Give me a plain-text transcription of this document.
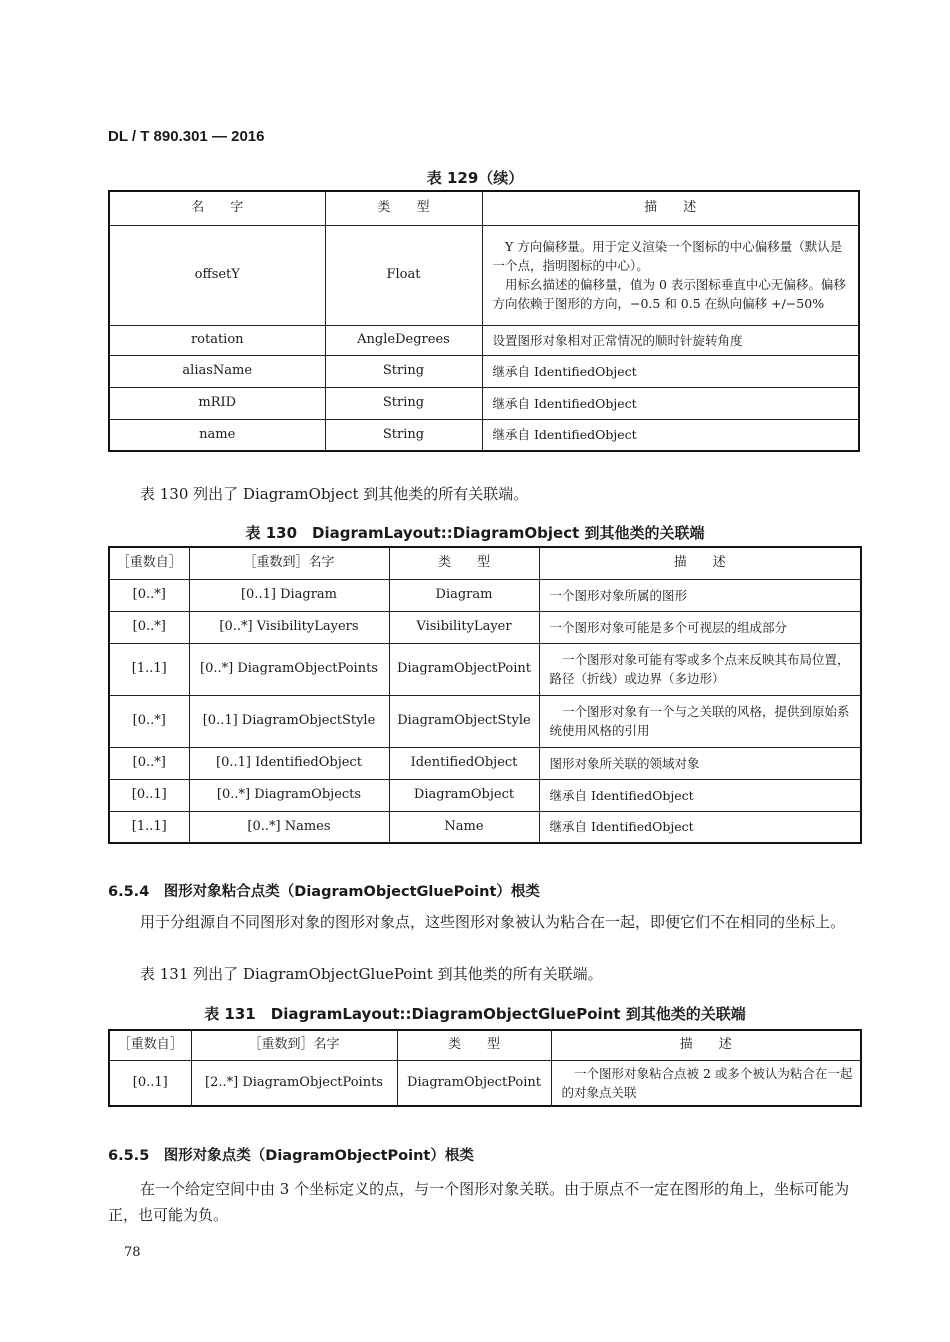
DL / T 890.301 — 2016
表 129（续）
名　　字	类　　型	描　　述
offsetY	Float	　Y 方向偏移量。用于定义渲染一个图标的中心偏移量（默认是一个点，指明图标的中心）。
　用标幺描述的偏移量，值为 0 表示图标垂直中心无偏移。偏移方向依赖于图形的方向，−0.5 和 0.5 在纵向偏移 +/−50%

rotation	AngleDegrees	设置图形对象相对正常情况的顺时针旋转角度
aliasName	String	继承自 IdentifiedObject
mRID	String	继承自 IdentifiedObject
name	String	继承自 IdentifiedObject
表 130 列出了 DiagramObject 到其他类的所有关联端。
表 130　DiagramLayout::DiagramObject 到其他类的关联端
［重数自］	［重数到］名字	类　　型	描　　述
[0..*]	[0..1] Diagram	Diagram	一个图形对象所属的图形
[0..*]	[0..*] VisibilityLayers	VisibilityLayer	一个图形对象可能是多个可视层的组成部分
[1..1]	[0..*] DiagramObjectPoints	DiagramObjectPoint	　一个图形对象可能有零或多个点来反映其布局位置，路径（折线）或边界（多边形）
[0..*]	[0..1] DiagramObjectStyle	DiagramObjectStyle	　一个图形对象有一个与之关联的风格，提供到原始系统使用风格的引用
[0..*]	[0..1] IdentifiedObject	IdentifiedObject	图形对象所关联的领域对象
[0..1]	[0..*] DiagramObjects	DiagramObject	继承自 IdentifiedObject
[1..1]	[0..*] Names	Name	继承自 IdentifiedObject
6.5.4　图形对象粘合点类（DiagramObjectGluePoint）根类
用于分组源自不同图形对象的图形对象点，这些图形对象被认为粘合在一起，即便它们不在相同的坐标上。
表 131 列出了 DiagramObjectGluePoint 到其他类的所有关联端。
表 131　DiagramLayout::DiagramObjectGluePoint 到其他类的关联端
［重数自］	［重数到］名字	类　　型	描　　述
[0..1]	[2..*] DiagramObjectPoints	DiagramObjectPoint	　一个图形对象粘合点被 2 或多个被认为粘合在一起的对象点关联
6.5.5　图形对象点类（DiagramObjectPoint）根类
在一个给定空间中由 3 个坐标定义的点，与一个图形对象关联。由于原点不一定在图形的角上，坐标可能为正，也可能为负。
78
